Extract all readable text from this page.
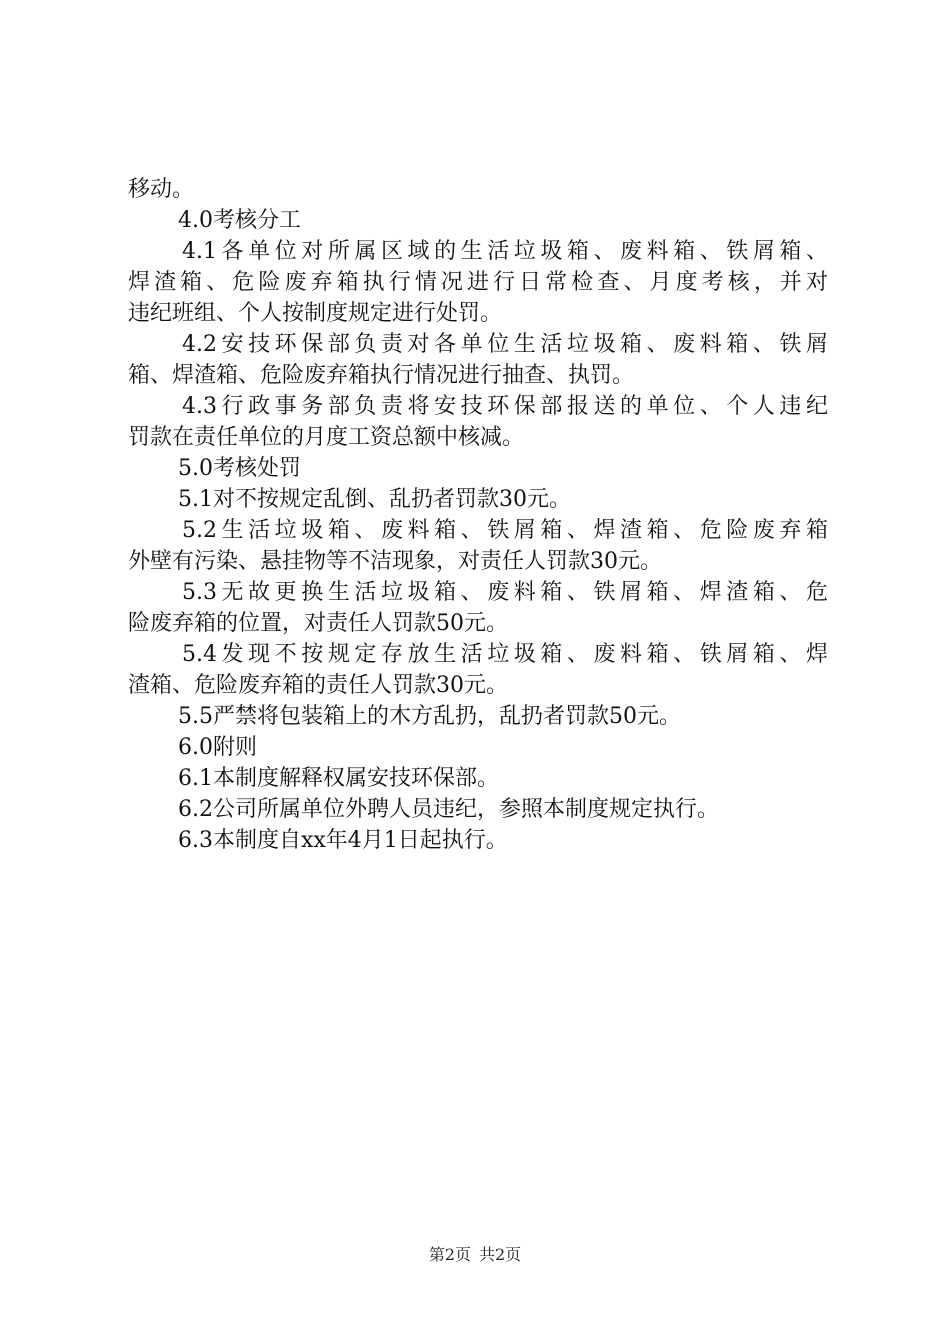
移动。
4.0考核分工
4.1各单位对所属区域的生活垃圾箱、废料箱、铁屑箱、
焊渣箱、危险废弃箱执行情况进行日常检查、月度考核，并对
违纪班组、个人按制度规定进行处罚。
4.2安技环保部负责对各单位生活垃圾箱、废料箱、铁屑
箱、焊渣箱、危险废弃箱执行情况进行抽查、执罚。
4.3行政事务部负责将安技环保部报送的单位、个人违纪
罚款在责任单位的月度工资总额中核减。
5.0考核处罚
5.1对不按规定乱倒、乱扔者罚款30元。
5.2生活垃圾箱、废料箱、铁屑箱、焊渣箱、危险废弃箱
外壁有污染、悬挂物等不洁现象，对责任人罚款30元。
5.3无故更换生活垃圾箱、废料箱、铁屑箱、焊渣箱、危
险废弃箱的位置，对责任人罚款50元。
5.4发现不按规定存放生活垃圾箱、废料箱、铁屑箱、焊
渣箱、危险废弃箱的责任人罚款30元。
5.5严禁将包装箱上的木方乱扔，乱扔者罚款50元。
6.0附则
6.1本制度解释权属安技环保部。
6.2公司所属单位外聘人员违纪，参照本制度规定执行。
6.3本制度自xx年4月1日起执行。
第2页 共2页
